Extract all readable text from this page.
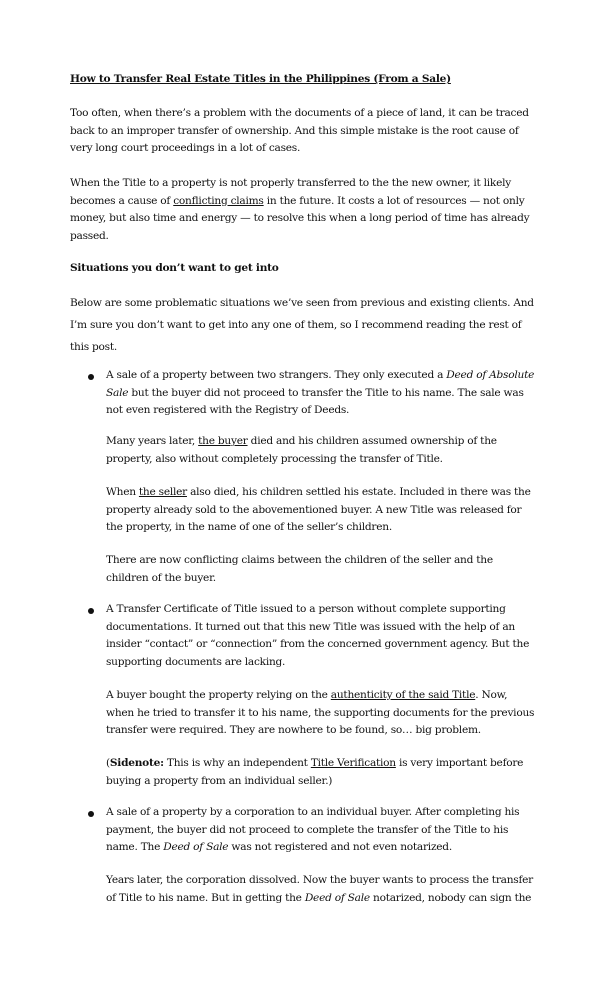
How to Transfer Real Estate Titles in the Philippines (From a Sale)

Too often, when there’s a problem with the documents of a piece of land, it can be traced back to an improper transfer of ownership. And this simple mistake is the root cause of very long court proceedings in a lot of cases.

When the Title to a property is not properly transferred to the the new owner, it likely becomes a cause of conflicting claims in the future. It costs a lot of resources — not only money, but also time and energy — to resolve this when a long period of time has already passed.

Situations you don’t want to get into

Below are some problematic situations we’ve seen from previous and existing clients. And I’m sure you don’t want to get into any one of them, so I recommend reading the rest of this post.

A sale of a property between two strangers. They only executed a Deed of Absolute Sale but the buyer did not proceed to transfer the Title to his name. The sale was not even registered with the Registry of Deeds.

Many years later, the buyer died and his children assumed ownership of the property, also without completely processing the transfer of Title.

When the seller also died, his children settled his estate. Included in there was the property already sold to the abovementioned buyer. A new Title was released for the property, in the name of one of the seller’s children.

There are now conflicting claims between the children of the seller and the children of the buyer.

A Transfer Certificate of Title issued to a person without complete supporting documentations. It turned out that this new Title was issued with the help of an insider “contact” or “connection” from the concerned government agency. But the supporting documents are lacking.

A buyer bought the property relying on the authenticity of the said Title. Now, when he tried to transfer it to his name, the supporting documents for the previous transfer were required. They are nowhere to be found, so… big problem.

(Sidenote: This is why an independent Title Verification is very important before buying a property from an individual seller.)

A sale of a property by a corporation to an individual buyer. After completing his payment, the buyer did not proceed to complete the transfer of the Title to his name. The Deed of Sale was not registered and not even notarized.

Years later, the corporation dissolved. Now the buyer wants to process the transfer of Title to his name. But in getting the Deed of Sale notarized, nobody can sign the
